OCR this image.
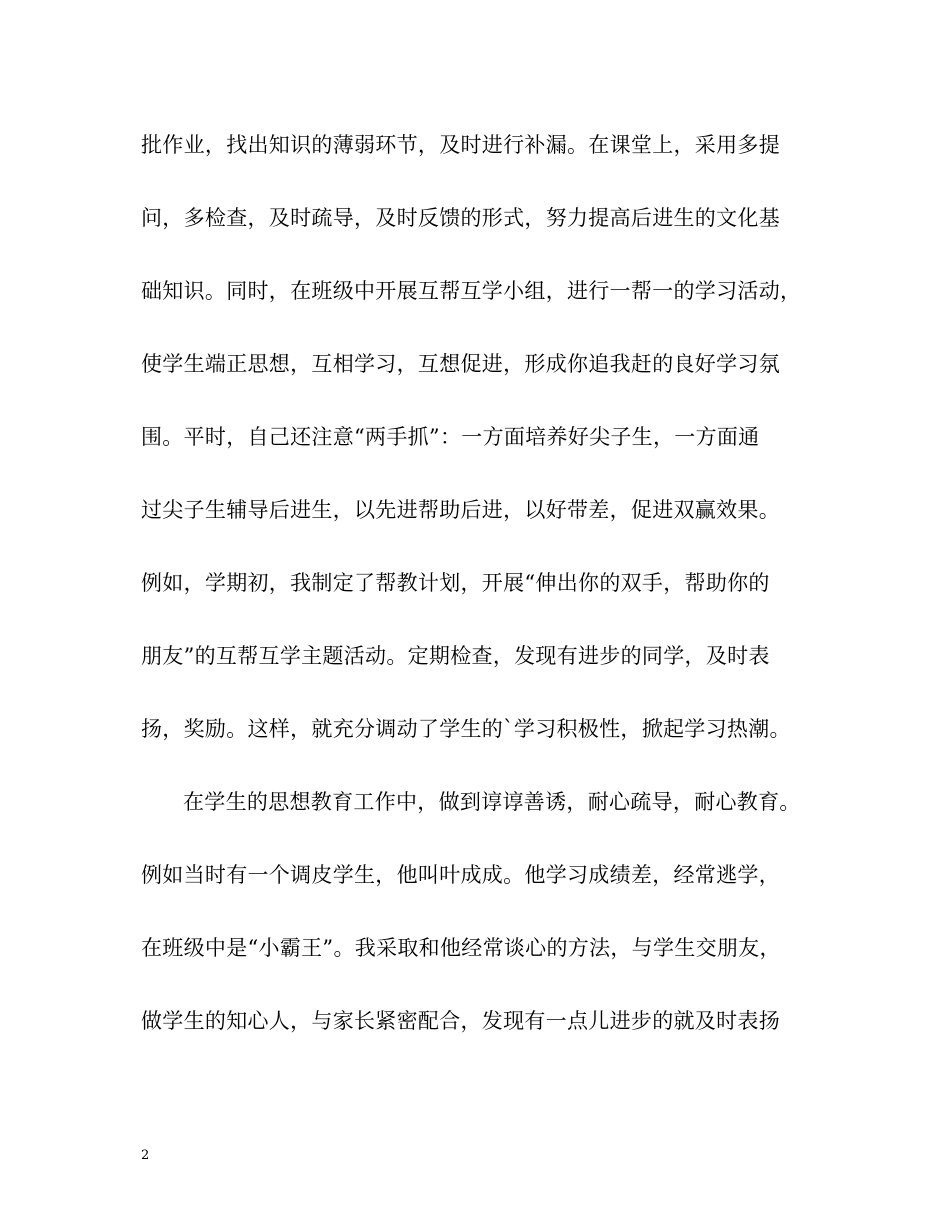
批作业，找出知识的薄弱环节，及时进行补漏。在课堂上，采用多提
问，多检查，及时疏导，及时反馈的形式，努力提高后进生的文化基
础知识。同时，在班级中开展互帮互学小组，进行一帮一的学习活动，
使学生端正思想，互相学习，互想促进，形成你追我赶的良好学习氛
围。平时，自己还注意“两手抓”：一方面培养好尖子生，一方面通
过尖子生辅导后进生，以先进帮助后进，以好带差，促进双赢效果。
例如，学期初，我制定了帮教计划，开展“伸出你的双手，帮助你的
朋友”的互帮互学主题活动。定期检查，发现有进步的同学，及时表
扬，奖励。这样，就充分调动了学生的`学习积极性，掀起学习热潮。
在学生的思想教育工作中，做到谆谆善诱，耐心疏导，耐心教育。
例如当时有一个调皮学生，他叫叶成成。他学习成绩差，经常逃学，
在班级中是“小霸王”。我采取和他经常谈心的方法，与学生交朋友，
做学生的知心人，与家长紧密配合，发现有一点儿进步的就及时表扬
2
